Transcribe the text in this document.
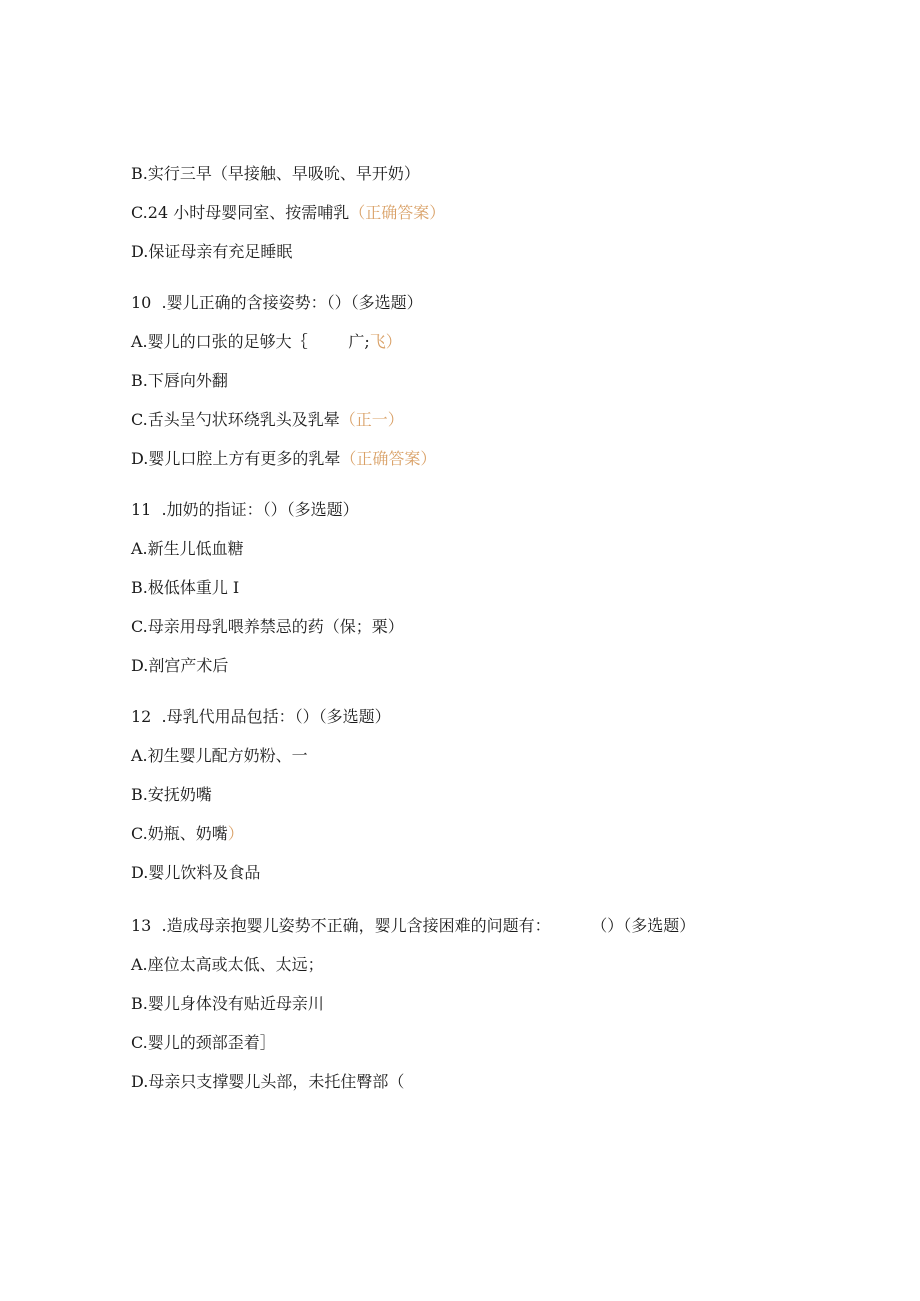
B.实行三早（早接触、早吸吮、早开奶）
C.24 小时母婴同室、按需哺乳（正确答案）
D.保证母亲有充足睡眠
10  .婴儿正确的含接姿势：（）（多选题）
A.婴儿的口张的足够大｛        广;飞）
B.下唇向外翻
C.舌头呈勺状环绕乳头及乳晕（正一）
D.婴儿口腔上方有更多的乳晕（正确答案）
11  .加奶的指证：（）（多选题）
A.新生儿低血糖
B.极低体重儿 I
C.母亲用母乳喂养禁忌的药（保；栗）
D.剖宫产术后
12  .母乳代用品包括：（）（多选题）
A.初生婴儿配方奶粉、一
B.安抚奶嘴
C.奶瓶、奶嘴）
D.婴儿饮料及食品
13  .造成母亲抱婴儿姿势不正确，婴儿含接困难的问题有：        （）（多选题）
A.座位太高或太低、太远；
B.婴儿身体没有贴近母亲川
C.婴儿的颈部歪着］
D.母亲只支撑婴儿头部，未托住臀部（
